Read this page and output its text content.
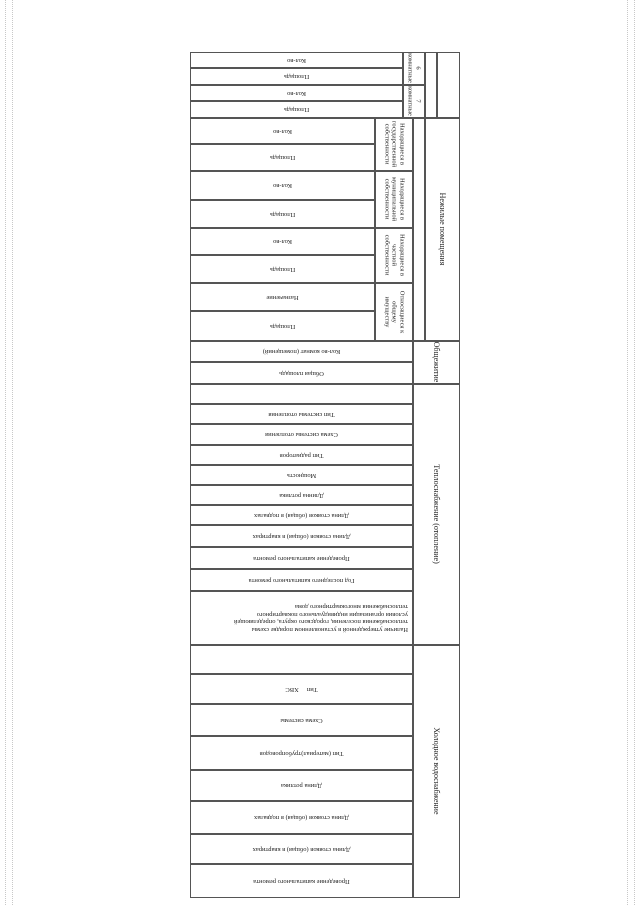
Холодное водоснабжение
Проведение капитального ремонта
Длина стояков (общая) в квартирах
Длина стояков (общая) в подвалах
Длина ротлика
Тип (материал)трубопроводов
Схема системы
ТипХВС
Теплоснабжение (отопление)
Наличие утвержденной в установленном порядке схемы
теплоснабжения поселения, городского округа, определяющей
условия организации индивидуального поквартирного
теплоснабжения многоквартирного дома
Год последнего капитального ремонта
Проведение капитального ремонта
Длина стояков (общая) в квартирах
Длина стояков (общая) в подвалах
Длинна ротлика
Мощность
Тип радиаторов
Схема системы отопления
Тип системы отопления
Общежитие
Общая площадь
Кол-во комнат (помещений)
Нежилые помещения
Относящиеся к
общему
имуществу
Площадь
Назначение
Находящиеся в
частной
собственности
Площадь
Кол-во
Находящиеся в
муниципальной
собственности
Площадь
Кол-во
Находящиеся в
государственной
собственности
Площадь
Кол-во
7
комнатные
Площадь
Кол-во
6
комнатные
Площадь
Кол-во
